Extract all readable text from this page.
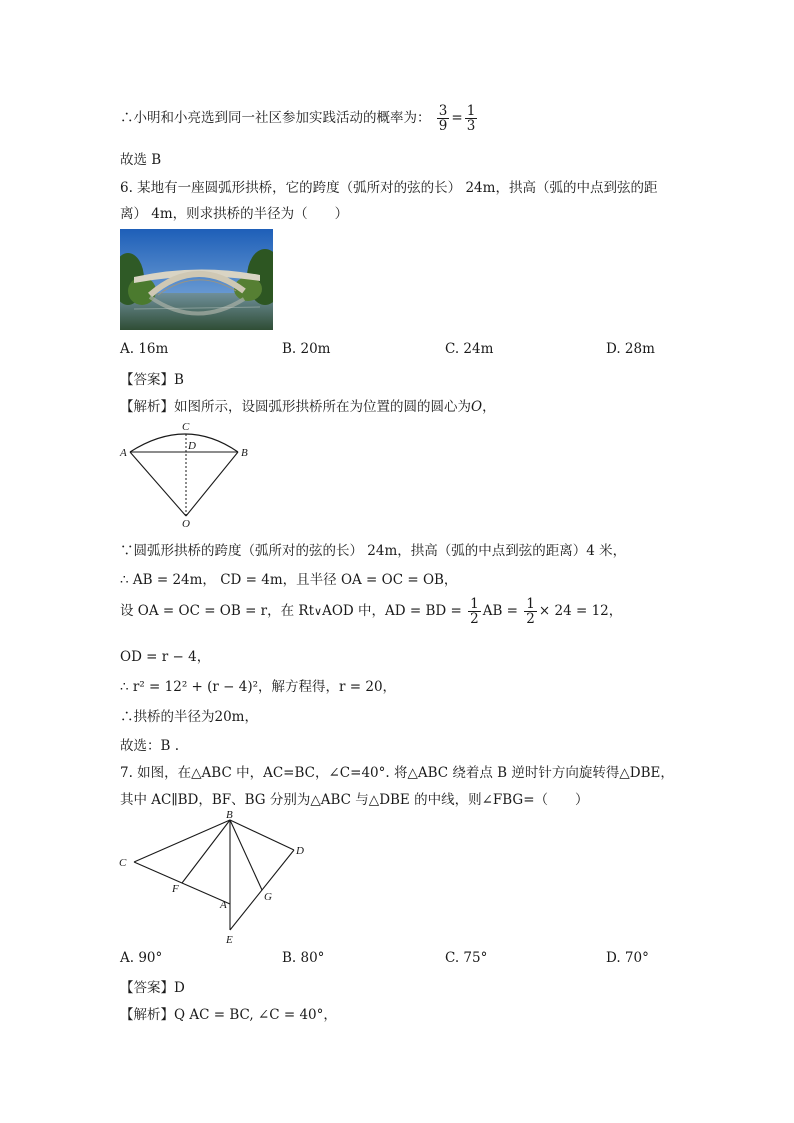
∴小明和小亮选到同一社区参加实践活动的概率为： $\frac{3}{9} = \frac{1}{3}$
故选 B
6. 某地有一座圆弧形拱桥，它的跨度（弧所对的弦的长） 24m，拱高（弧的中点到弦的距
离） 4m，则求拱桥的半径为（　　）
A. 16m	B. 20m	C. 24m	D. 28m
【答案】B
【解析】如图所示，设圆弧形拱桥所在为位置的圆的圆心为O，
C
D
A	B
O
∵圆弧形拱桥的跨度（弧所对的弦的长） 24m，拱高（弧的中点到弦的距离）4 米，
∴ AB = 24m， CD = 4m，且半径 OA = OC = OB，
设 OA = OC = OB = r，在 Rt∨AOD 中，AD = BD = $\frac{1}{2}$ AB = $\frac{1}{2} \times 24 = 12$，
OD = r − 4，
∴ r² = 12² + (r − 4)²，解方程得，r = 20，
∴拱桥的半径为20m，
故选：B .
7. 如图，在△ABC 中，AC=BC，∠C=40°. 将△ABC 绕着点 B 逆时针方向旋转得△DBE，
其中 AC∥BD，BF、BG 分别为△ABC 与△DBE 的中线，则∠FBG=（　　）
B
C
D
F
G
A
E
A. 90°	B. 80°	C. 75°	D. 70°
【答案】D
【解析】Q AC = BC, ∠C = 40°，
